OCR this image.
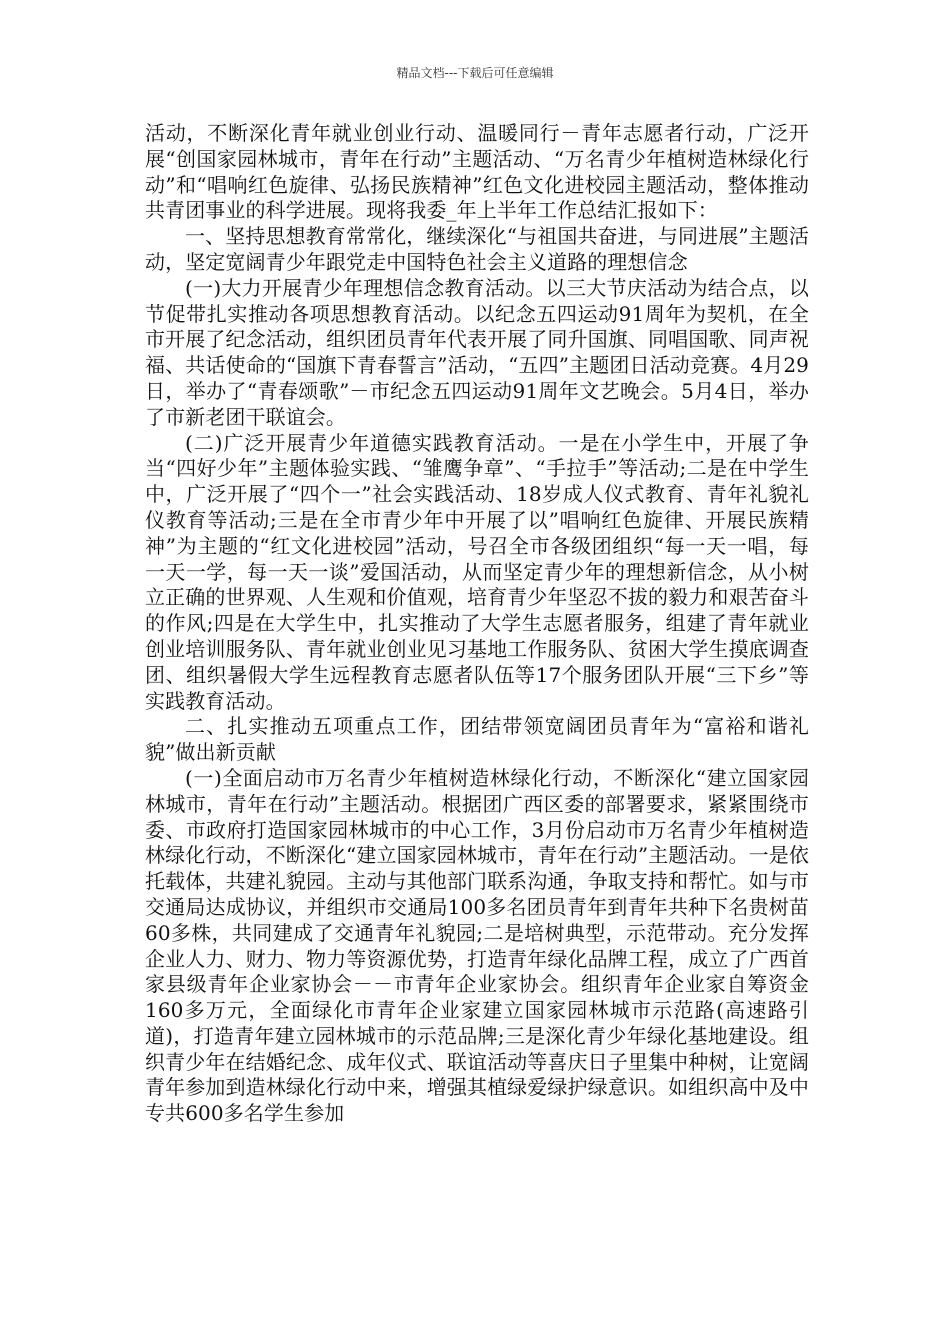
精品文档---下载后可任意编辑

活动，不断深化青年就业创业行动、温暖同行－青年志愿者行动，广泛开展“创国家园林城市，青年在行动”主题活动、“万名青少年植树造林绿化行动”和“唱响红色旋律、弘扬民族精神”红色文化进校园主题活动，整体推动共青团事业的科学进展。现将我委_年上半年工作总结汇报如下：

一、坚持思想教育常常化，继续深化“与祖国共奋进，与同进展”主题活动，坚定宽阔青少年跟党走中国特色社会主义道路的理想信念

(一)大力开展青少年理想信念教育活动。以三大节庆活动为结合点，以节促带扎实推动各项思想教育活动。以纪念五四运动91周年为契机，在全市开展了纪念活动，组织团员青年代表开展了同升国旗、同唱国歌、同声祝福、共话使命的“国旗下青春誓言”活动，“五四”主题团日活动竞赛。4月29日，举办了“青春颂歌”－市纪念五四运动91周年文艺晚会。5月4日，举办了市新老团干联谊会。

(二)广泛开展青少年道德实践教育活动。一是在小学生中，开展了争当“四好少年”主题体验实践、“雏鹰争章”、“手拉手”等活动;二是在中学生中，广泛开展了“四个一”社会实践活动、18岁成人仪式教育、青年礼貌礼仪教育等活动;三是在全市青少年中开展了以”唱响红色旋律、开展民族精神”为主题的“红文化进校园”活动，号召全市各级团组织“每一天一唱，每一天一学，每一天一谈”爱国活动，从而坚定青少年的理想新信念，从小树立正确的世界观、人生观和价值观，培育青少年坚忍不拔的毅力和艰苦奋斗的作风;四是在大学生中，扎实推动了大学生志愿者服务，组建了青年就业创业培训服务队、青年就业创业见习基地工作服务队、贫困大学生摸底调查团、组织暑假大学生远程教育志愿者队伍等17个服务团队开展“三下乡”等实践教育活动。

二、扎实推动五项重点工作，团结带领宽阔团员青年为“富裕和谐礼貌”做出新贡献

(一)全面启动市万名青少年植树造林绿化行动，不断深化“建立国家园林城市，青年在行动”主题活动。根据团广西区委的部署要求，紧紧围绕市委、市政府打造国家园林城市的中心工作，3月份启动市万名青少年植树造林绿化行动，不断深化“建立国家园林城市，青年在行动”主题活动。一是依托载体，共建礼貌园。主动与其他部门联系沟通，争取支持和帮忙。如与市交通局达成协议，并组织市交通局100多名团员青年到青年共种下名贵树苗60多株，共同建成了交通青年礼貌园;二是培树典型，示范带动。充分发挥企业人力、财力、物力等资源优势，打造青年绿化品牌工程，成立了广西首家县级青年企业家协会－－市青年企业家协会。组织青年企业家自筹资金160多万元，全面绿化市青年企业家建立国家园林城市示范路(高速路引道)，打造青年建立园林城市的示范品牌;三是深化青少年绿化基地建设。组织青少年在结婚纪念、成年仪式、联谊活动等喜庆日子里集中种树，让宽阔青年参加到造林绿化行动中来，增强其植绿爱绿护绿意识。如组织高中及中专共600多名学生参加
